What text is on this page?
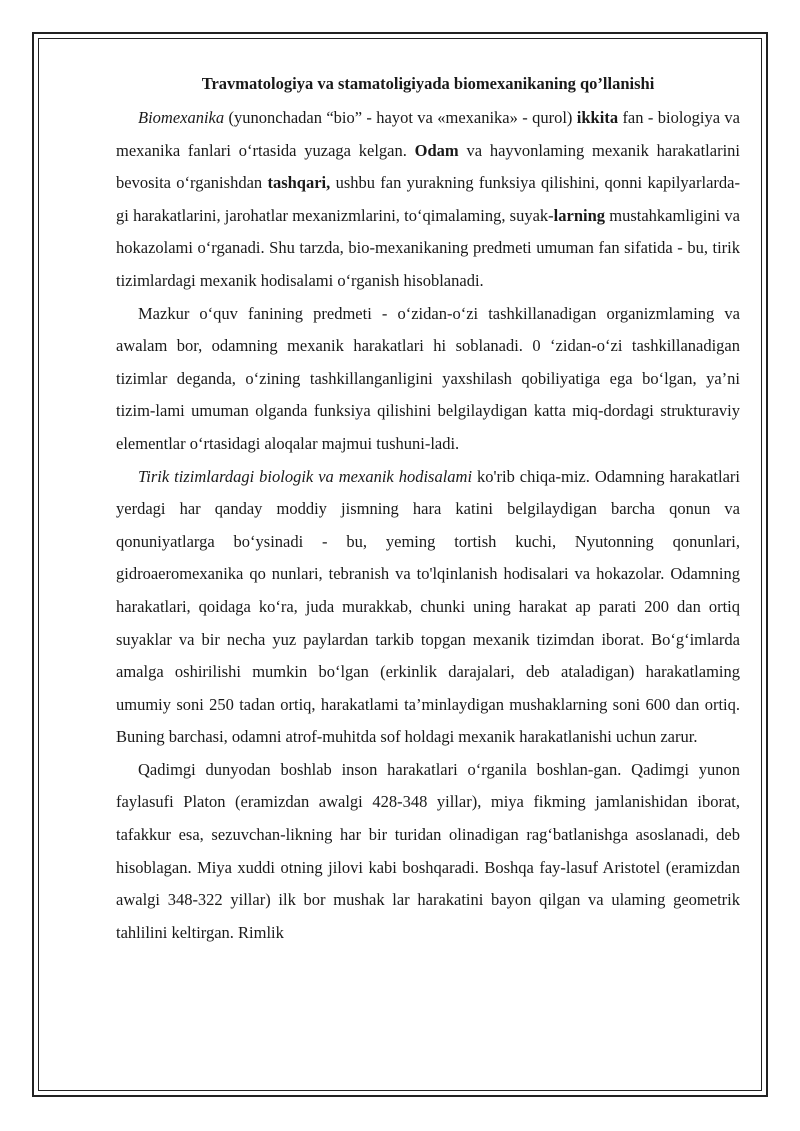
Travmatologiya va stamatoligiyada biomexanikaning qo’llanishi

Biomexanika (yunonchadan “bio” - hayot va «mexanika» - qurol) ikkita fan - biologiya va mexanika fanlari o‘rtasida yuzaga kelgan. Odam va hayvonlaming mexanik harakatlarini bevosita o‘rganishdan tashqari, ushbu fan yurakning funksiya qilishini, qonni kapilyarlarda-gi harakatlarini, jarohatlar mexanizmlarini, to‘qimalaming, suyak-larning mustahkamligini va hokazolami o‘rganadi. Shu tarzda, bio-mexanikaning predmeti umuman fan sifatida - bu, tirik tizimlardagi mexanik hodisalami o‘rganish hisoblanadi.

Mazkur o‘quv fanining predmeti - o‘zidan-o‘zi tashkillanadigan organizmlaming va awalam bor, odamning mexanik harakatlari hi soblanadi. 0 ‘zidan-o‘zi tashkillanadigan tizimlar deganda, o‘zining tashkillanganligini yaxshilash qobiliyatiga ega bo‘lgan, ya’ni tizim-lami umuman olganda funksiya qilishini belgilaydigan katta miq-dordagi strukturaviy elementlar o‘rtasidagi aloqalar majmui tushuni-ladi.

Tirik tizimlardagi biologik va mexanik hodisalami ko'rib chiqa-miz. Odamning harakatlari yerdagi har qanday moddiy jismning hara katini belgilaydigan barcha qonun va qonuniyatlarga bo‘ysinadi - bu, yeming tortish kuchi, Nyutonning qonunlari, gidroaeromexanika qo nunlari, tebranish va to'lqinlanish hodisalari va hokazolar. Odamning harakatlari, qoidaga ko‘ra, juda murakkab, chunki uning harakat ap parati 200 dan ortiq suyaklar va bir necha yuz paylardan tarkib topgan mexanik tizimdan iborat. Bo‘g‘imlarda amalga oshirilishi mumkin bo‘lgan (erkinlik darajalari, deb ataladigan) harakatlaming umumiy soni 250 tadan ortiq, harakatlami ta’minlaydigan mushaklarning soni 600 dan ortiq. Buning barchasi, odamni atrof-muhitda sof holdagi mexanik harakatlanishi uchun zarur.

Qadimgi dunyodan boshlab inson harakatlari o‘rganila boshlan-gan. Qadimgi yunon faylasufi Platon (eramizdan awalgi 428-348 yillar), miya fikming jamlanishidan iborat, tafakkur esa, sezuvchan-likning har bir turidan olinadigan rag‘batlanishga asoslanadi, deb hisoblagan. Miya xuddi otning jilovi kabi boshqaradi. Boshqa fay-lasuf Aristotel (eramizdan awalgi 348-322 yillar) ilk bor mushak lar harakatini bayon qilgan va ulaming geometrik tahlilini keltirgan. Rimlik
